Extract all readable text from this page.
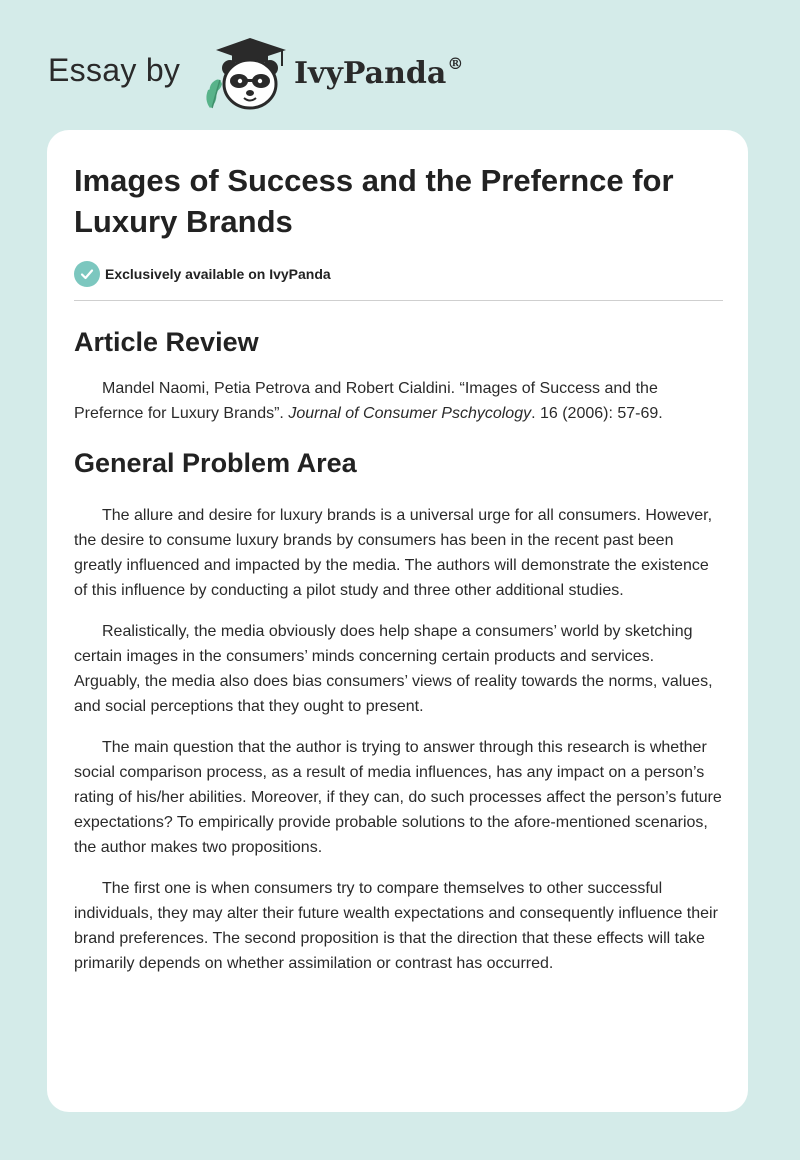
Essay by	IvyPanda®
Images of Success and the Prefernce for Luxury Brands
Exclusively available on IvyPanda
Article Review

Mandel Naomi, Petia Petrova and Robert Cialdini. “Images of Success and the Prefernce for Luxury Brands”. Journal of Consumer Pschycology. 16 (2006): 57-69.

General Problem Area

The allure and desire for luxury brands is a universal urge for all consumers. However, the desire to consume luxury brands by consumers has been in the recent past been greatly influenced and impacted by the media. The authors will demonstrate the existence of this influence by conducting a pilot study and three other additional studies.

Realistically, the media obviously does help shape a consumers’ world by sketching certain images in the consumers’ minds concerning certain products and services. Arguably, the media also does bias consumers’ views of reality towards the norms, values, and social perceptions that they ought to present.

The main question that the author is trying to answer through this research is whether social comparison process, as a result of media influences, has any impact on a person’s rating of his/her abilities. Moreover, if they can, do such processes affect the person’s future expectations? To empirically provide probable solutions to the afore-mentioned scenarios, the author makes two propositions.

The first one is when consumers try to compare themselves to other successful individuals, they may alter their future wealth expectations and consequently influence their brand preferences. The second proposition is that the direction that these effects will take primarily depends on whether assimilation or contrast has occurred.
